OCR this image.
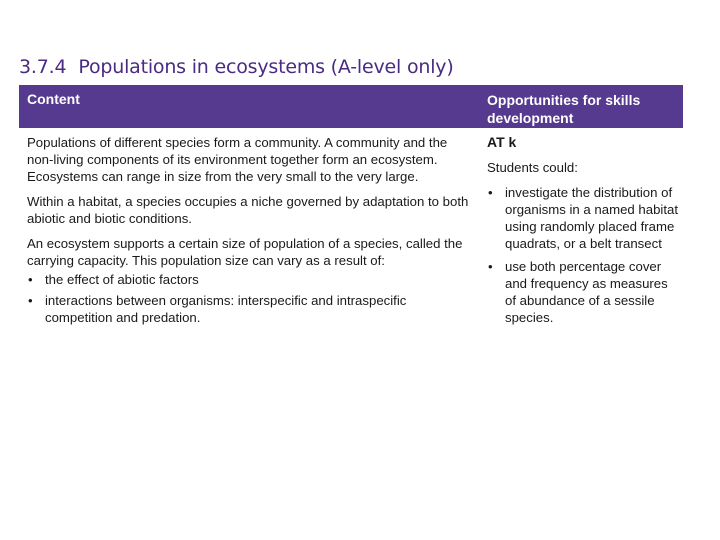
3.7.4 Populations in ecosystems (A-level only)
Content	Opportunities for skills development

Populations of different species form a community. A community and the non-living components of its environment together form an ecosystem. Ecosystems can range in size from the very small to the very large.

Within a habitat, a species occupies a niche governed by adaptation to both abiotic and biotic conditions.

An ecosystem supports a certain size of population of a species, called the carrying capacity. This population size can vary as a result of:

• the effect of abiotic factors
• interactions between organisms: interspecific and intraspecific competition and predation.
AT k

Students could:

• investigate the distribution of organisms in a named habitat using randomly placed frame quadrats, or a belt transect
• use both percentage cover and frequency as measures of abundance of a sessile species.
